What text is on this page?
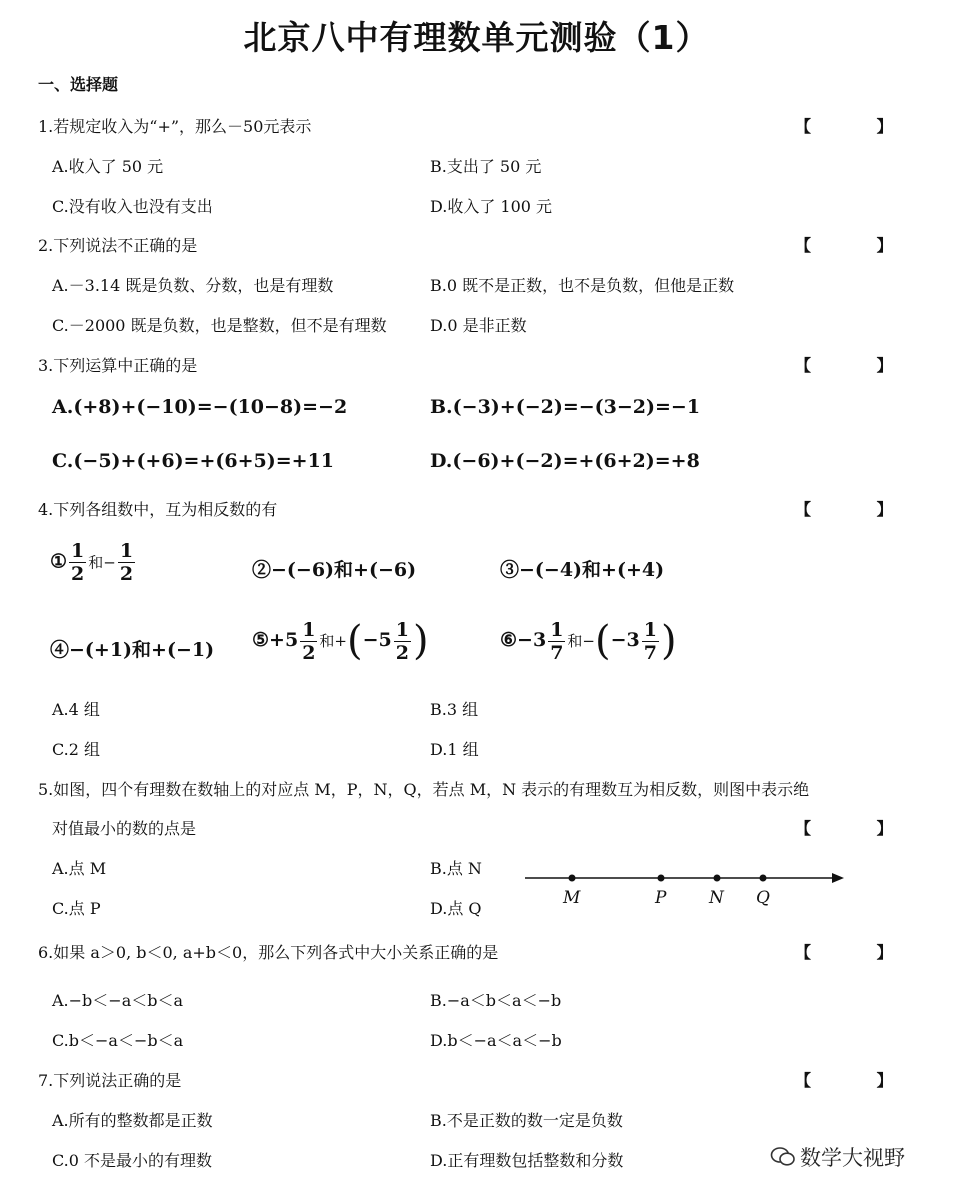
北京八中有理数单元测验（1）
一、选择题
1.若规定收入为“+”，那么－50元表示	【 】
A.收入了 50 元	B.支出了 50 元
C.没有收入也没有支出	D.收入了 100 元
2.下列说法不正确的是	【 】
A.－3.14 既是负数、分数，也是有理数	B.0 既不是正数，也不是负数，但他是正数
C.－2000 既是负数，也是整数，但不是有理数	D.0 是非正数
3.下列运算中正确的是	【 】
A.(+8)+(−10)=−(10−8)=−2	B.(−3)+(−2)=−(3−2)=−1
C.(−5)+(+6)=+(6+5)=+11	D.(−6)+(−2)=+(6+2)=+8
4.下列各组数中，互为相反数的有	【 】
① $\frac{1}{2}$ 和− $\frac{1}{2}$	②−(−6)和+(−6)	③−(−4)和+(+4)
④−(+1)和+(−1) ⑤+5 $\frac{1}{2}$ 和$+(-5 \frac{1}{2}$ )	⑥−3 $\frac{1}{7}$ 和$-(-3 \frac{1}{7}$ )
A.4 组	B.3 组
C.2 组	D.1 组
5.如图，四个有理数在数轴上的对应点 M，P，N，Q，若点 M，N 表示的有理数互为相反数，则图中表示绝
对值最小的数的点是	【 】
A.点 M	B.点 N
C.点 P	D.点 Q
M	P	N Q
6.如果 a＞0, b＜0, a+b＜0，那么下列各式中大小关系正确的是	【 】
A.−b＜−a＜b＜a	B.−a＜b＜a＜−b
C.b＜−a＜−b＜a	D.b＜−a＜a＜−b
7.下列说法正确的是	【 】
A.所有的整数都是正数	B.不是正数的数一定是负数
C.0 不是最小的有理数	D.正有理数包括整数和分数	数学大视野
